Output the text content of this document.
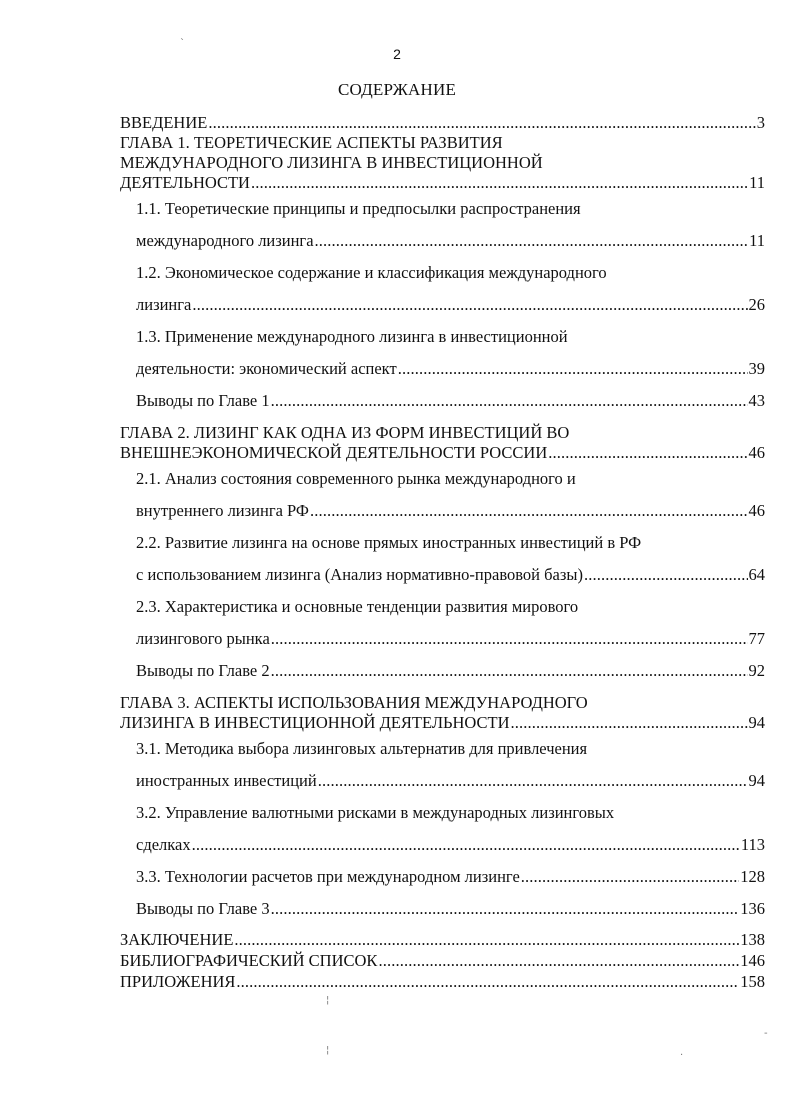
2
СОДЕРЖАНИЕ
ВВЕДЕНИЕ . . .	3
ГЛАВА 1. ТЕОРЕТИЧЕСКИЕ АСПЕКТЫ РАЗВИТИЯ
МЕЖДУНАРОДНОГО ЛИЗИНГА В ИНВЕСТИЦИОННОЙ
ДЕЯТЕЛЬНОСТИ . . .	11
1.1. Теоретические принципы и предпосылки распространения
международного лизинга . . .	11
1.2. Экономическое содержание и классификация международного
лизинга . . .	26
1.3. Применение международного лизинга в инвестиционной
деятельности: экономический аспект . . .	39
Выводы по Главе 1 . . .	43
ГЛАВА 2. ЛИЗИНГ КАК ОДНА ИЗ ФОРМ ИНВЕСТИЦИЙ ВО
ВНЕШНЕЭКОНОМИЧЕСКОЙ ДЕЯТЕЛЬНОСТИ РОССИИ . . .	46
2.1. Анализ состояния современного рынка международного и
внутреннего лизинга РФ . . .	46
2.2. Развитие лизинга на основе прямых иностранных инвестиций в РФ
с использованием лизинга (Анализ нормативно-правовой базы) . . .	64
2.3. Характеристика и основные тенденции развития мирового
лизингового рынка . . .	77
Выводы по Главе 2 . . .	92
ГЛАВА 3. АСПЕКТЫ ИСПОЛЬЗОВАНИЯ МЕЖДУНАРОДНОГО
ЛИЗИНГА В ИНВЕСТИЦИОННОЙ ДЕЯТЕЛЬНОСТИ . . .	94
3.1. Методика выбора лизинговых альтернатив для привлечения
иностранных инвестиций . . .	94
3.2. Управление валютными рисками в международных лизинговых
сделках . . .	113
3.3. Технологии расчетов при международном лизинге . . .	128
Выводы по Главе 3 . . .	136
ЗАКЛЮЧЕНИЕ . . .	138
БИБЛИОГРАФИЧЕСКИЙ СПИСОК . . .	146
ПРИЛОЖЕНИЯ . . .	158
`
¦
¦	·
-
